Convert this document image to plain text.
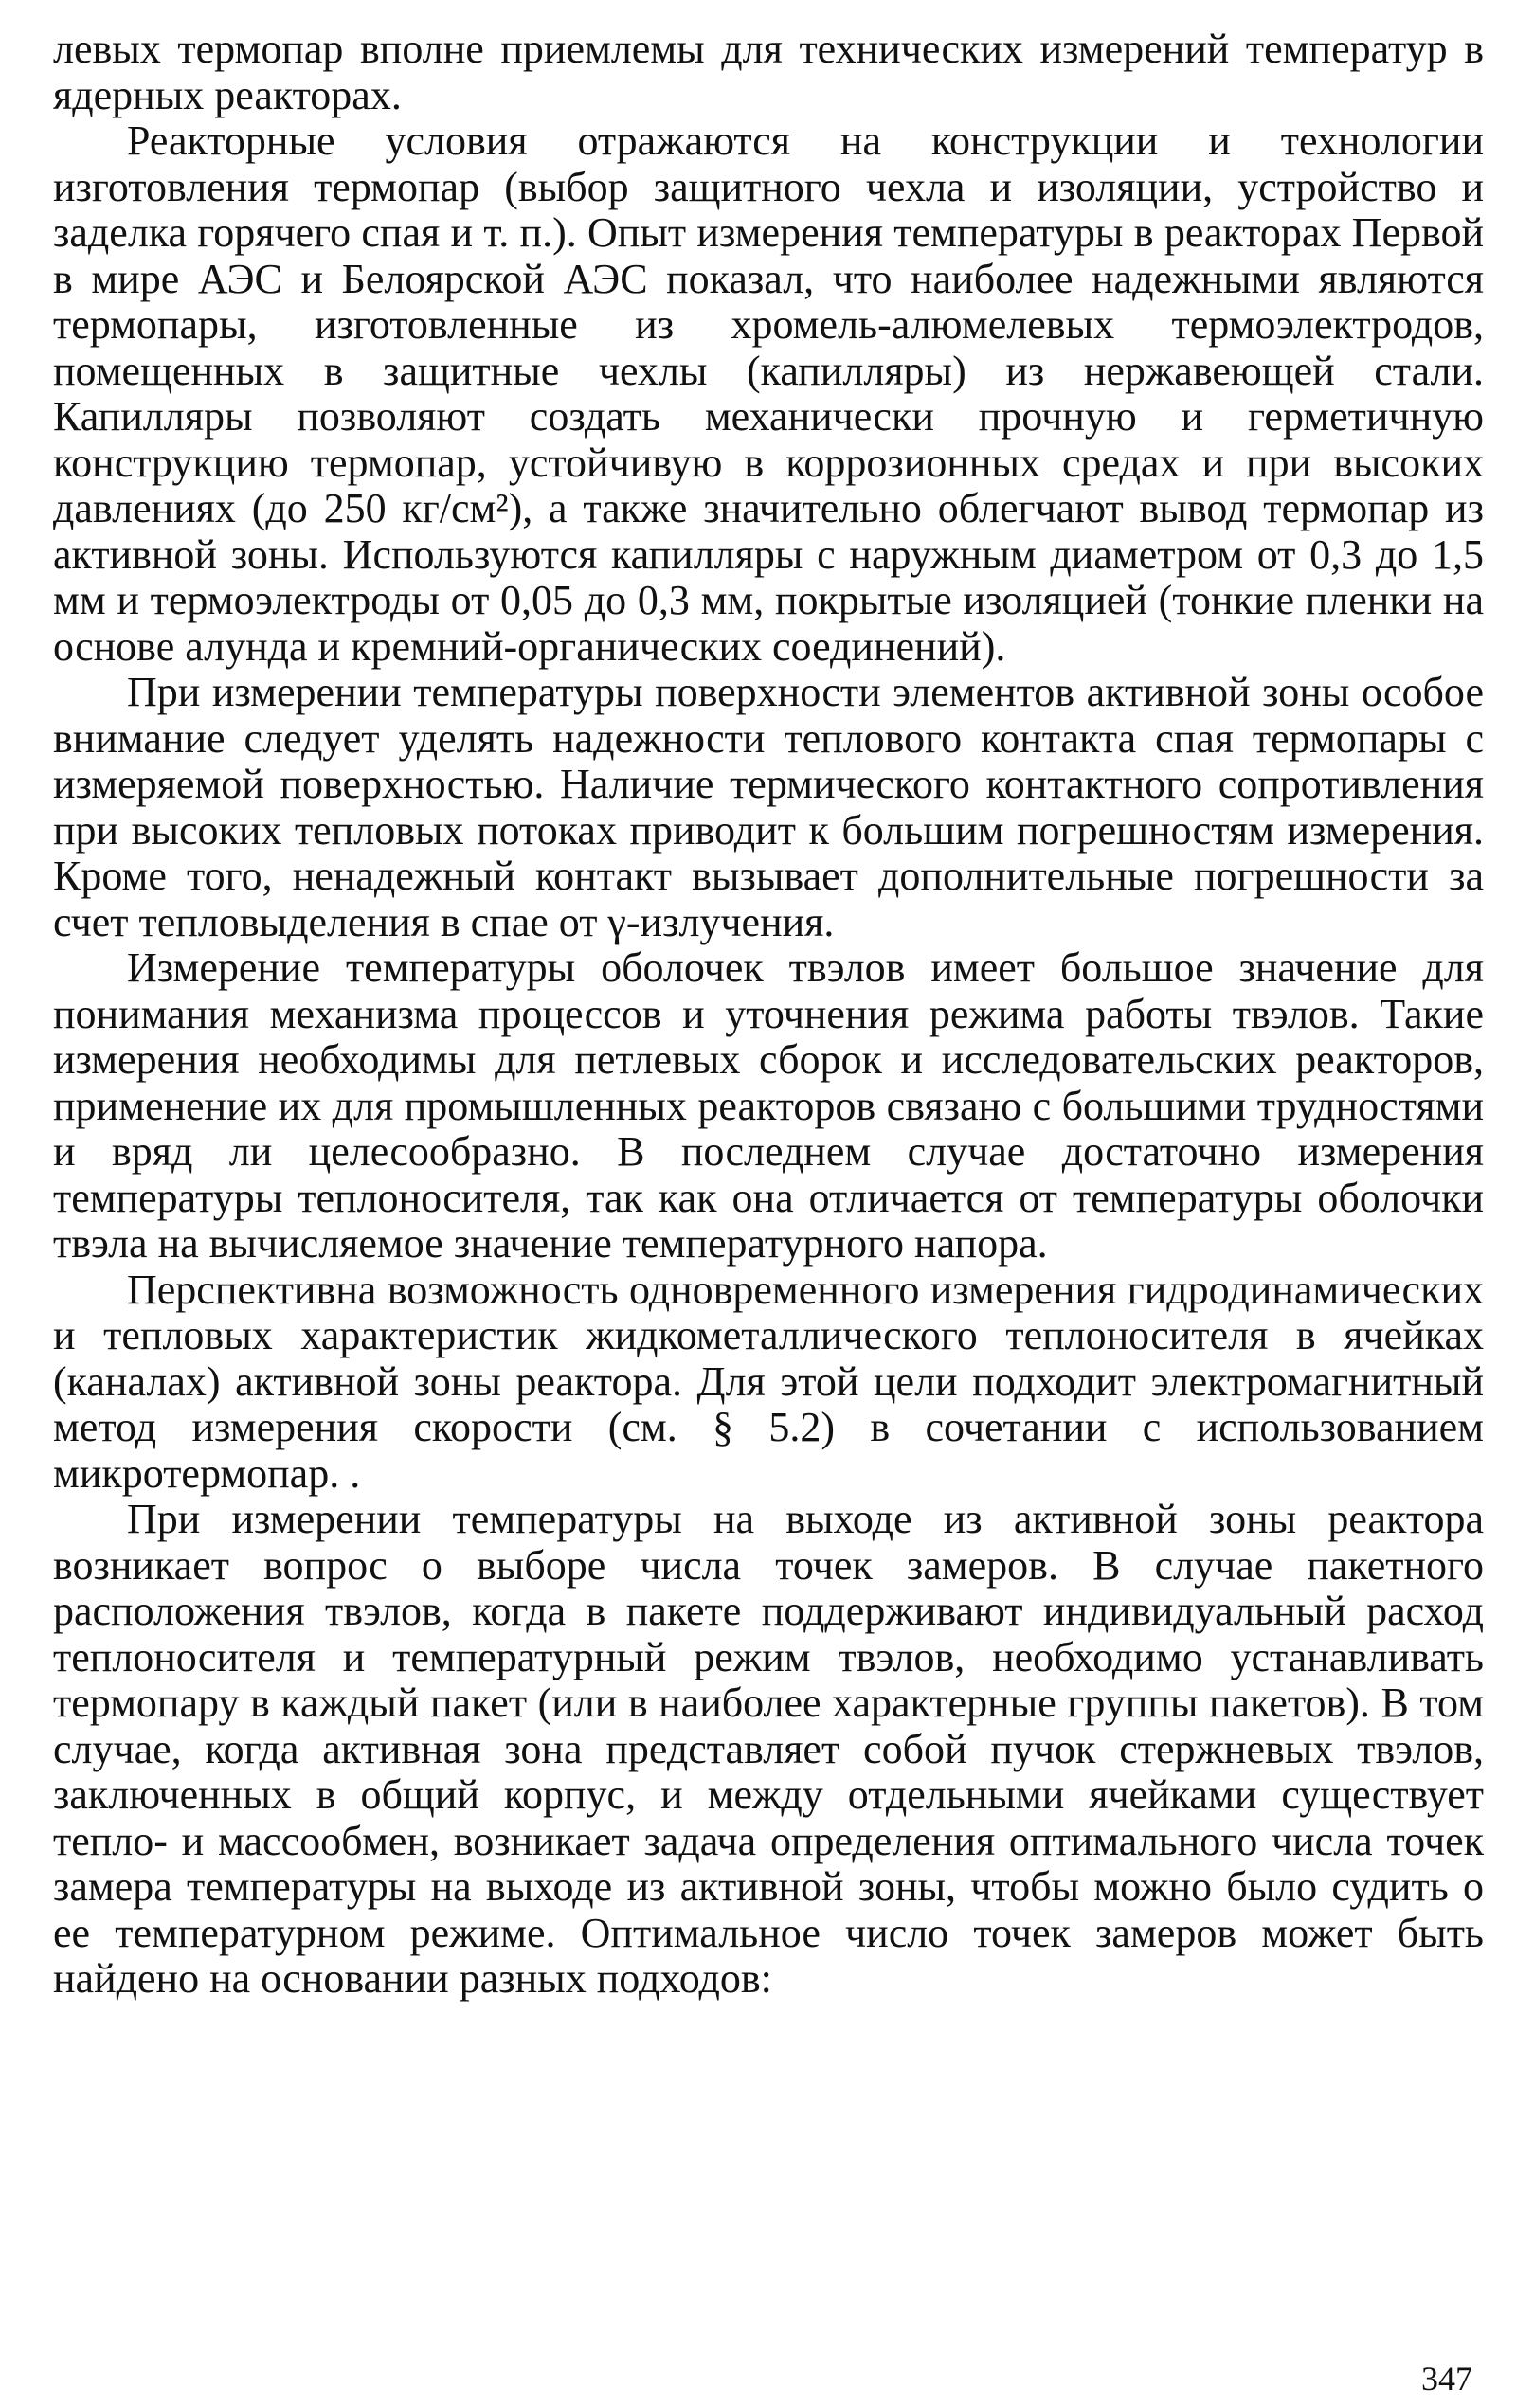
левых термопар вполне приемлемы для технических измерений температур в ядерных реакторах.

Реакторные условия отражаются на конструкции и технологии изготовления термопар (выбор защитного чехла и изоляции, устройство и заделка горячего спая и т. п.). Опыт измерения температуры в реакторах Первой в мире АЭС и Белоярской АЭС показал, что наиболее надежными являются термопары, изготовленные из хромель-алюмелевых термоэлектродов, помещенных в защитные чехлы (капилляры) из нержавеющей стали. Капилляры позволяют создать механически прочную и герметичную конструкцию термопар, устойчивую в коррозионных средах и при высоких давлениях (до 250 кг/см²), а также значительно облегчают вывод термопар из активной зоны. Используются капилляры с наружным диаметром от 0,3 до 1,5 мм и термоэлектроды от 0,05 до 0,3 мм, покрытые изоляцией (тонкие пленки на основе алунда и кремний-органических соединений).

При измерении температуры поверхности элементов активной зоны особое внимание следует уделять надежности теплового контакта спая термопары с измеряемой поверхностью. Наличие термического контактного сопротивления при высоких тепловых потоках приводит к большим погрешностям измерения. Кроме того, ненадежный контакт вызывает дополнительные погрешности за счет тепловыделения в спае от γ-излучения.

Измерение температуры оболочек твэлов имеет большое значение для понимания механизма процессов и уточнения режима работы твэлов. Такие измерения необходимы для петлевых сборок и исследовательских реакторов, применение их для промышленных реакторов связано с большими трудностями и вряд ли целесообразно. В последнем случае достаточно измерения температуры теплоносителя, так как она отличается от температуры оболочки твэла на вычисляемое значение температурного напора.

Перспективна возможность одновременного измерения гидродинамических и тепловых характеристик жидкометаллического теплоносителя в ячейках (каналах) активной зоны реактора. Для этой цели подходит электромагнитный метод измерения скорости (см. § 5.2) в сочетании с использованием микротермопар. .

При измерении температуры на выходе из активной зоны реактора возникает вопрос о выборе числа точек замеров. В случае пакетного расположения твэлов, когда в пакете поддерживают индивидуальный расход теплоносителя и температурный режим твэлов, необходимо устанавливать термопару в каждый пакет (или в наиболее характерные группы пакетов). В том случае, когда активная зона представляет собой пучок стержневых твэлов, заключенных в общий корпус, и между отдельными ячейками существует тепло- и массообмен, возникает задача определения оптимального числа точек замера температуры на выходе из активной зоны, чтобы можно было судить о ее температурном режиме. Оптимальное число точек замеров может быть найдено на основании разных подходов:

347
